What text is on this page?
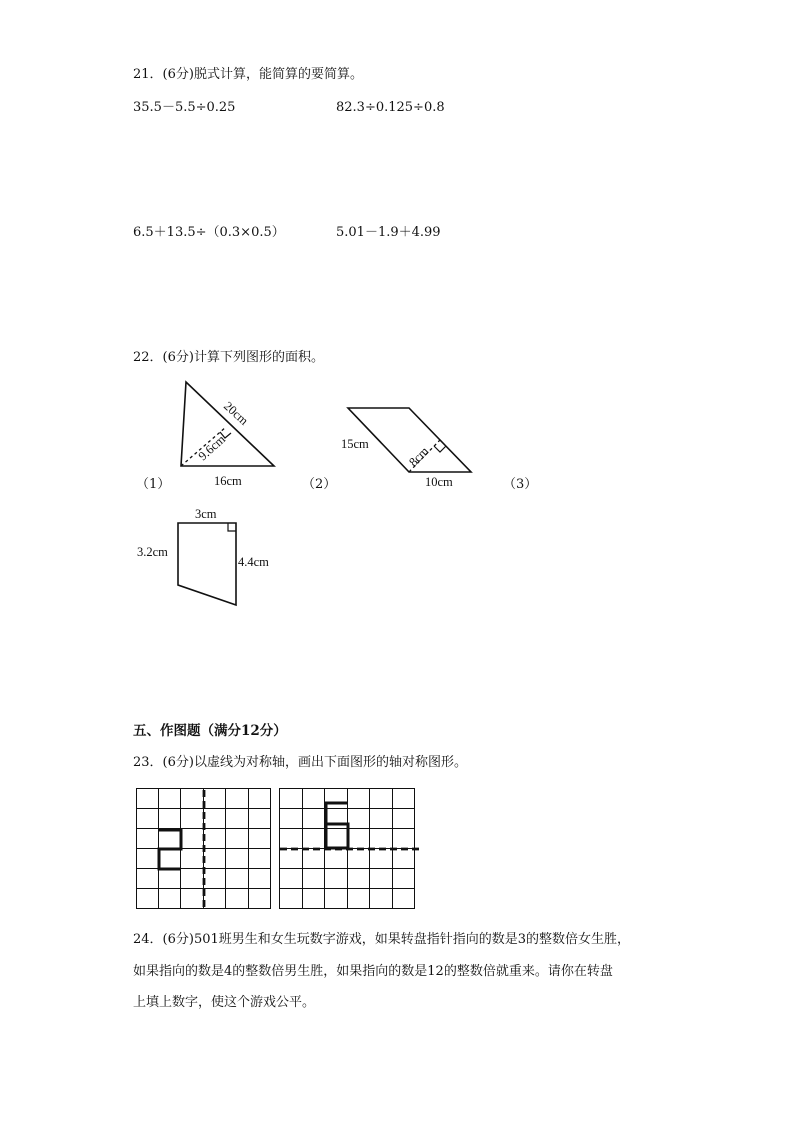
21．(6分)脱式计算，能简算的要简算。
35.5－5.5÷0.25	82.3÷0.125÷0.8
6.5＋13.5÷（0.3×0.5）	5.01－1.9＋4.99
22．(6分)计算下列图形的面积。
16cm
20cm
9.6cm
（1）
15cm
10cm
8cm
（2）	（3）
3cm
3.2cm
4.4cm
五、作图题（满分12分）
23．(6分)以虚线为对称轴，画出下面图形的轴对称图形。
24．(6分)501班男生和女生玩数字游戏，如果转盘指针指向的数是3的整数倍女生胜，
如果指向的数是4的整数倍男生胜，如果指向的数是12的整数倍就重来。请你在转盘
上填上数字，使这个游戏公平。
